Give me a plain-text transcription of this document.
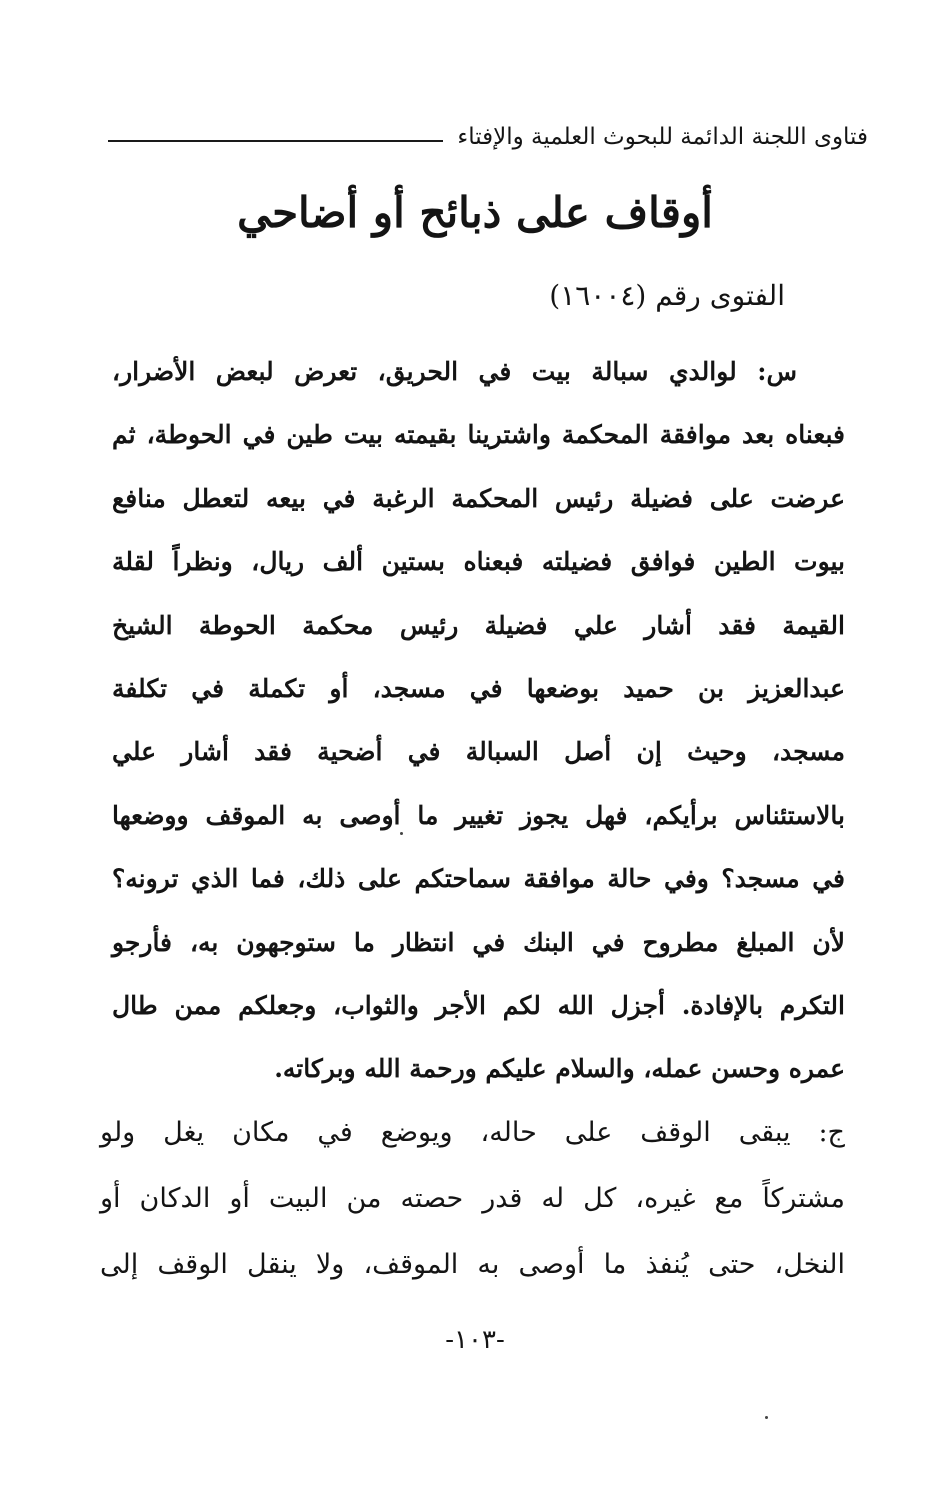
فتاوى اللجنة الدائمة للبحوث العلمية والإفتاء
أوقاف على ذبائح أو أضاحي
الفتوى رقم (١٦٠٠٤)
س: لوالدي سبالة بيت في الحريق، تعرض لبعض الأضرار،
فبعناه بعد موافقة المحكمة واشترينا بقيمته بيت طين في الحوطة، ثم
عرضت على فضيلة رئيس المحكمة الرغبة في بيعه لتعطل منافع
بيوت الطين فوافق فضيلته فبعناه بستين ألف ريال، ونظراً لقلة
القيمة فقد أشار علي فضيلة رئيس محكمة الحوطة الشيخ
عبدالعزيز بن حميد بوضعها في مسجد، أو تكملة في تكلفة
مسجد، وحيث إن أصل السبالة في أضحية فقد أشار علي
بالاستئناس برأيكم، فهل يجوز تغيير ما أوصى به الموقف ووضعها
في مسجد؟ وفي حالة موافقة سماحتكم على ذلك، فما الذي ترونه؟
لأن المبلغ مطروح في البنك في انتظار ما ستوجهون به، فأرجو
التكرم بالإفادة. أجزل الله لكم الأجر والثواب، وجعلكم ممن طال
عمره وحسن عمله، والسلام عليكم ورحمة الله وبركاته.
ج: يبقى الوقف على حاله، ويوضع في مكان يغل ولو
مشتركاً مع غيره، كل له قدر حصته من البيت أو الدكان أو
النخل، حتى يُنفذ ما أوصى به الموقف، ولا ينقل الوقف إلى
-١٠٣-
